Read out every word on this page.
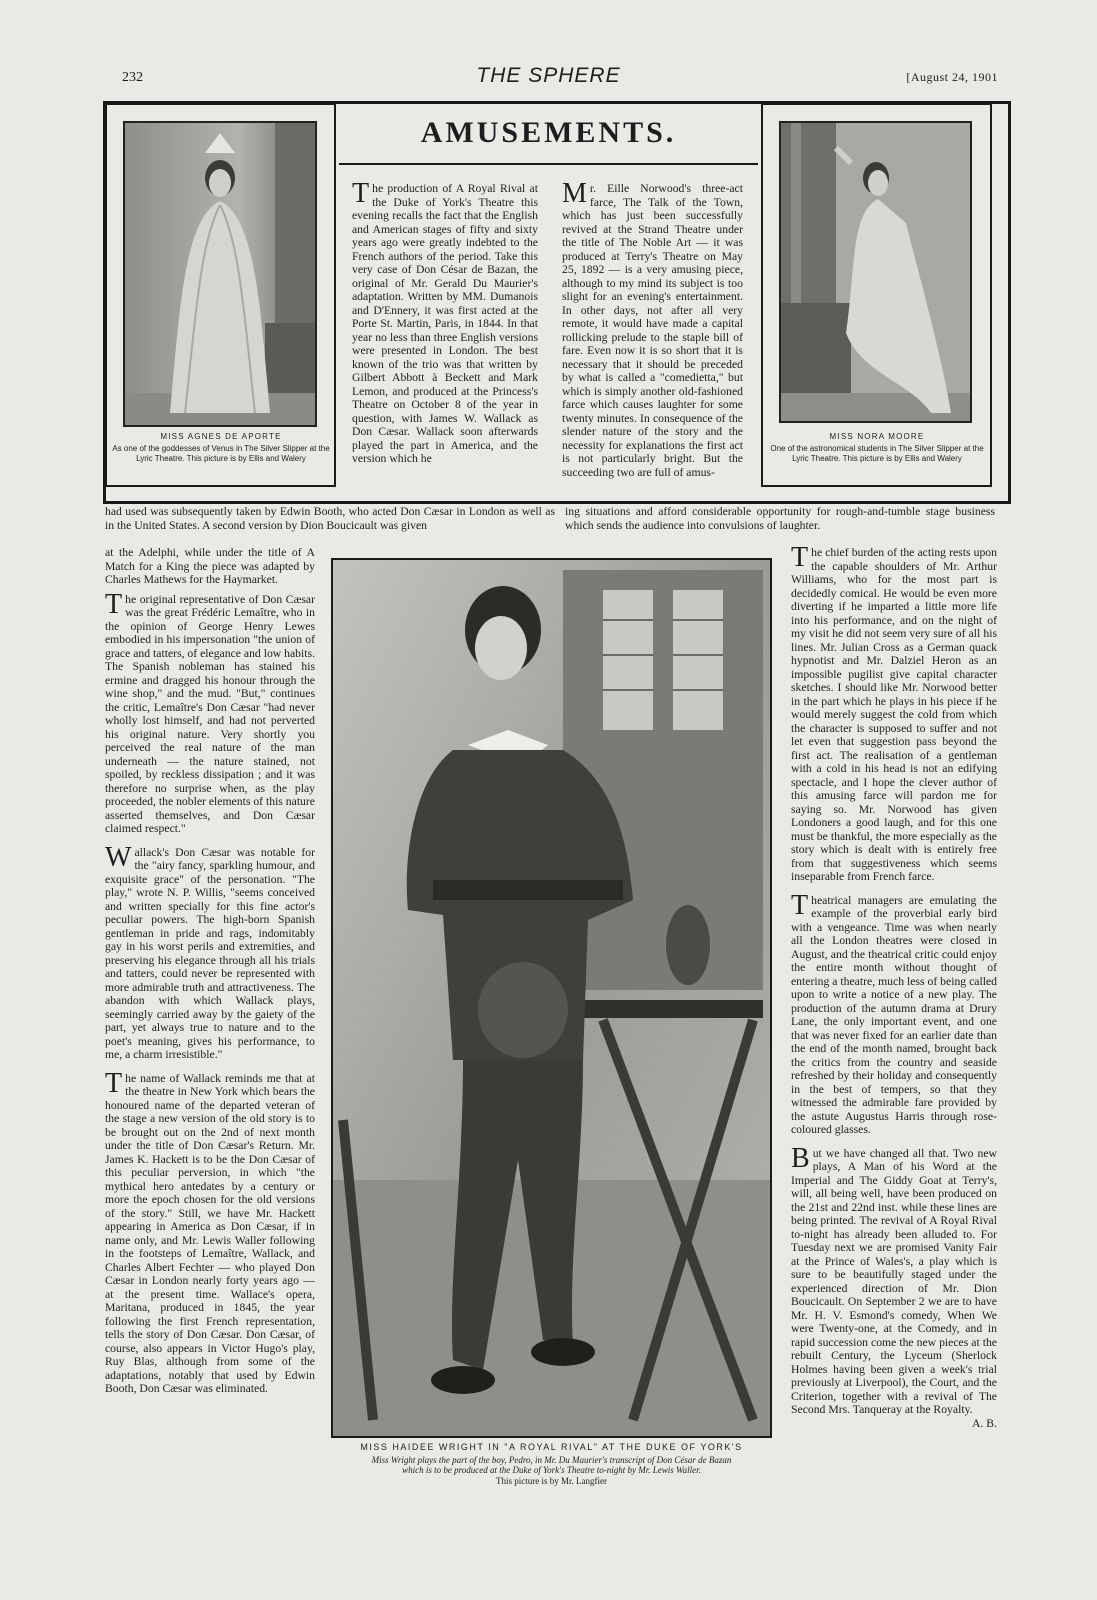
232	THE SPHERE	[August 24, 1901
MISS AGNES DE APORTE
As one of the goddesses of Venus in The Silver Slipper at the Lyric Theatre. This picture is by Ellis and Walery
MISS NORA MOORE
One of the astronomical students in The Silver Slipper at the Lyric Theatre. This picture is by Ellis and Walery
AMUSEMENTS.

The production of A Royal Rival at the Duke of York's Theatre this evening recalls the fact that the English and American stages of fifty and sixty years ago were greatly indebted to the French authors of the period. Take this very case of Don César de Bazan, the original of Mr. Gerald Du Maurier's adaptation. Written by MM. Dumanois and D'Ennery, it was first acted at the Porte St. Martin, Paris, in 1844. In that year no less than three English versions were presented in London. The best known of the trio was that written by Gilbert Abbott à Beckett and Mark Lemon, and produced at the Princess's Theatre on October 8 of the year in question, with James W. Wallack as Don Cæsar. Wallack soon afterwards played the part in America, and the version which he

Mr. Eille Norwood's three-act farce, The Talk of the Town, which has just been successfully revived at the Strand Theatre under the title of The Noble Art — it was produced at Terry's Theatre on May 25, 1892 — is a very amusing piece, although to my mind its subject is too slight for an evening's entertainment. In other days, not after all very remote, it would have made a capital rollicking prelude to the staple bill of fare. Even now it is so short that it is necessary that it should be preceded by what is called a "comedietta," but which is simply another old-fashioned farce which causes laughter for some twenty minutes. In consequence of the slender nature of the story and the necessity for explanations the first act is not particularly bright. But the succeeding two are full of amus-

had used was subsequently taken by Edwin Booth, who acted Don Cæsar in London as well as in the United States. A second version by Dion Boucicault was given
ing situations and afford considerable opportunity for rough-and-tumble stage business which sends the audience into convulsions of laughter.
MISS HAIDEE WRIGHT IN "A ROYAL RIVAL" AT THE DUKE OF YORK'S
Miss Wright plays the part of the boy, Pedro, in Mr. Du Maurier's transcript of Don César de Bazan
which is to be produced at the Duke of York's Theatre to-night by Mr. Lewis Waller.
This picture is by Mr. Langfier

at the Adelphi, while under the title of A Match for a King the piece was adapted by Charles Mathews for the Haymarket.

The original representative of Don Cæsar was the great Frédéric Lemaître, who in the opinion of George Henry Lewes embodied in his impersonation "the union of grace and tatters, of elegance and low habits. The Spanish nobleman has stained his ermine and dragged his honour through the wine shop," and the mud. "But," continues the critic, Lemaître's Don Cæsar "had never wholly lost himself, and had not perverted his original nature. Very shortly you perceived the real nature of the man underneath — the nature stained, not spoiled, by reckless dissipation ; and it was therefore no surprise when, as the play proceeded, the nobler elements of this nature asserted themselves, and Don Cæsar claimed respect."

Wallack's Don Cæsar was notable for the "airy fancy, sparkling humour, and exquisite grace" of the personation. "The play," wrote N. P. Willis, "seems conceived and written specially for this fine actor's peculiar powers. The high-born Spanish gentleman in pride and rags, indomitably gay in his worst perils and extremities, and preserving his elegance through all his trials and tatters, could never be represented with more admirable truth and attractiveness. The abandon with which Wallack plays, seemingly carried away by the gaiety of the part, yet always true to nature and to the poet's meaning, gives his performance, to me, a charm irresistible."

The name of Wallack reminds me that at the theatre in New York which bears the honoured name of the departed veteran of the stage a new version of the old story is to be brought out on the 2nd of next month under the title of Don Cæsar's Return. Mr. James K. Hackett is to be the Don Cæsar of this peculiar perversion, in which "the mythical hero antedates by a century or more the epoch chosen for the old versions of the story." Still, we have Mr. Hackett appearing in America as Don Cæsar, if in name only, and Mr. Lewis Waller following in the footsteps of Lemaître, Wallack, and Charles Albert Fechter — who played Don Cæsar in London nearly forty years ago — at the present time. Wallace's opera, Maritana, produced in 1845, the year following the first French representation, tells the story of Don Cæsar. Don Cæsar, of course, also appears in Victor Hugo's play, Ruy Blas, although from some of the adaptations, notably that used by Edwin Booth, Don Cæsar was eliminated.

The chief burden of the acting rests upon the capable shoulders of Mr. Arthur Williams, who for the most part is decidedly comical. He would be even more diverting if he imparted a little more life into his performance, and on the night of my visit he did not seem very sure of all his lines. Mr. Julian Cross as a German quack hypnotist and Mr. Dalziel Heron as an impossible pugilist give capital character sketches. I should like Mr. Norwood better in the part which he plays in his piece if he would merely suggest the cold from which the character is supposed to suffer and not let even that suggestion pass beyond the first act. The realisation of a gentleman with a cold in his head is not an edifying spectacle, and I hope the clever author of this amusing farce will pardon me for saying so. Mr. Norwood has given Londoners a good laugh, and for this one must be thankful, the more especially as the story which is dealt with is entirely free from that suggestiveness which seems inseparable from French farce.

Theatrical managers are emulating the example of the proverbial early bird with a vengeance. Time was when nearly all the London theatres were closed in August, and the theatrical critic could enjoy the entire month without thought of entering a theatre, much less of being called upon to write a notice of a new play. The production of the autumn drama at Drury Lane, the only important event, and one that was never fixed for an earlier date than the end of the month named, brought back the critics from the country and seaside refreshed by their holiday and consequently in the best of tempers, so that they witnessed the admirable fare provided by the astute Augustus Harris through rose-coloured glasses.

But we have changed all that. Two new plays, A Man of his Word at the Imperial and The Giddy Goat at Terry's, will, all being well, have been produced on the 21st and 22nd inst. while these lines are being printed. The revival of A Royal Rival to-night has already been alluded to. For Tuesday next we are promised Vanity Fair at the Prince of Wales's, a play which is sure to be beautifully staged under the experienced direction of Mr. Dion Boucicault. On September 2 we are to have Mr. H. V. Esmond's comedy, When We were Twenty-one, at the Comedy, and in rapid succession come the new pieces at the rebuilt Century, the Lyceum (Sherlock Holmes having been given a week's trial previously at Liverpool), the Court, and the Criterion, together with a revival of The Second Mrs. Tanqueray at the Royalty.

A. B.
